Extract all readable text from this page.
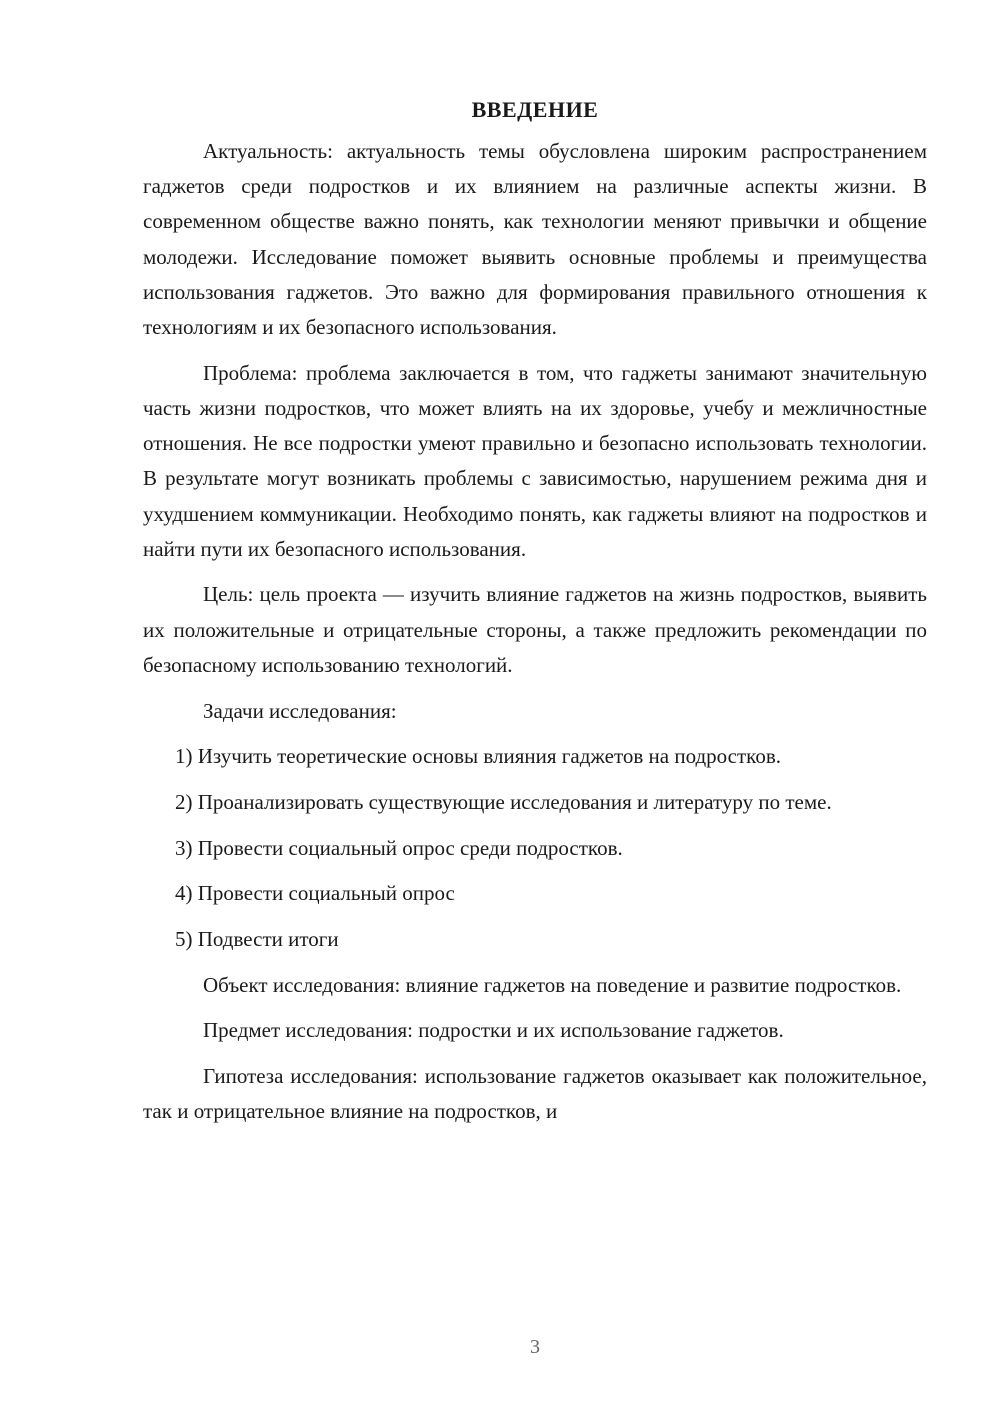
ВВЕДЕНИЕ

Актуальность: актуальность темы обусловлена широким распространением гаджетов среди подростков и их влиянием на различные аспекты жизни. В современном обществе важно понять, как технологии меняют привычки и общение молодежи. Исследование поможет выявить основные проблемы и преимущества использования гаджетов. Это важно для формирования правильного отношения к технологиям и их безопасного использования.

Проблема: проблема заключается в том, что гаджеты занимают значительную часть жизни подростков, что может влиять на их здоровье, учебу и межличностные отношения. Не все подростки умеют правильно и безопасно использовать технологии. В результате могут возникать проблемы с зависимостью, нарушением режима дня и ухудшением коммуникации. Необходимо понять, как гаджеты влияют на подростков и найти пути их безопасного использования.

Цель: цель проекта — изучить влияние гаджетов на жизнь подростков, выявить их положительные и отрицательные стороны, а также предложить рекомендации по безопасному использованию технологий.

Задачи исследования:

1) Изучить теоретические основы влияния гаджетов на подростков.

2) Проанализировать существующие исследования и литературу по теме.

3) Провести социальный опрос среди подростков.

4) Провести социальный опрос

5) Подвести итоги

Объект исследования: влияние гаджетов на поведение и развитие подростков.

Предмет исследования: подростки и их использование гаджетов.

Гипотеза исследования: использование гаджетов оказывает как положительное, так и отрицательное влияние на подростков, и

3
